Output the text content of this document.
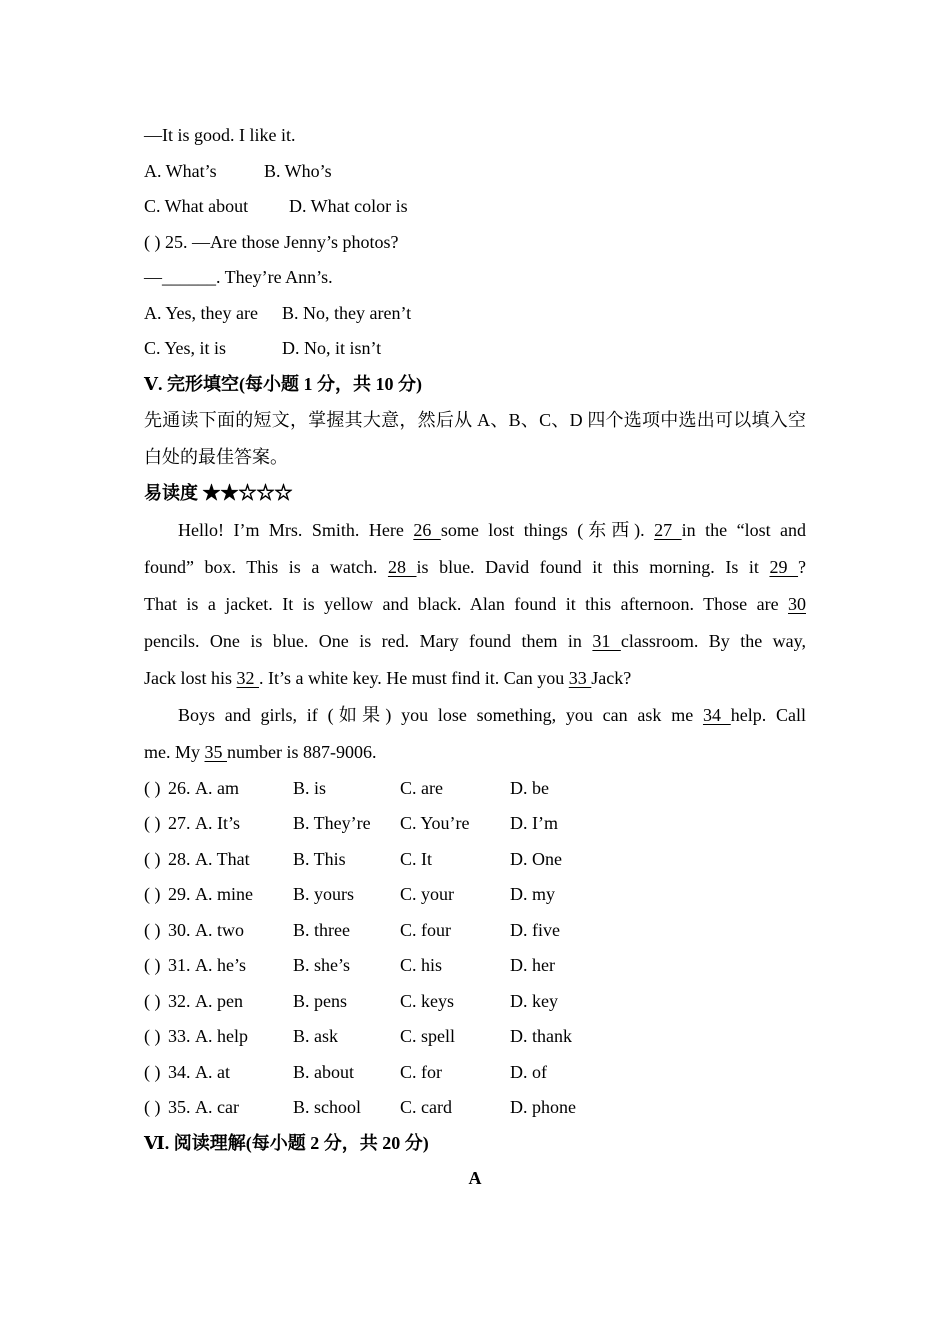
—It is good. I like it.
A. What’s	B. Who’s
C. What about D. What color is
( ) 25. —Are those Jenny’s photos?
—______. They’re Ann’s.
A. Yes, they are B. No, they aren’t
C. Yes, it is	D. No, it isn’t
Ⅴ. 完形填空(每小题 1 分，共 10 分)
先通读下面的短文，掌握其大意，然后从 A、B、C、D 四个选项中选出可以填入空
白处的最佳答案。
易读度 ★★☆☆☆
Hello! I’m Mrs. Smith. Here 26 some lost things (东西). 27 in the “lost and
found” box. This is a watch. 28 is blue. David found it this morning. Is it 29 ?
That is a jacket. It is yellow and black. Alan found it this afternoon. Those are 30
pencils. One is blue. One is red. Mary found them in 31 classroom. By the way,
Jack lost his 32 . It’s a white key. He must find it. Can you 33 Jack?
Boys and girls, if (如果) you lose something, you can ask me 34 help. Call
me. My 35 number is 887-9006.
( ) 26. A. am	B. is	C. are	D. be
( ) 27. A. It’s	B. They’re C. You’re D. I’m
( ) 28. A. That B. This	C. It	D. One
( ) 29. A. mine B. yours	C. your	D. my
( ) 30. A. two	B. three	C. four	D. five
( ) 31. A. he’s	B. she’s	C. his	D. her
( ) 32. A. pen	B. pens	C. keys	D. key
( ) 33. A. help	B. ask	C. spell	D. thank
( ) 34. A. at	B. about	C. for	D. of
( ) 35. A. car	B. school C. card	D. phone
Ⅵ. 阅读理解(每小题 2 分，共 20 分)
A
